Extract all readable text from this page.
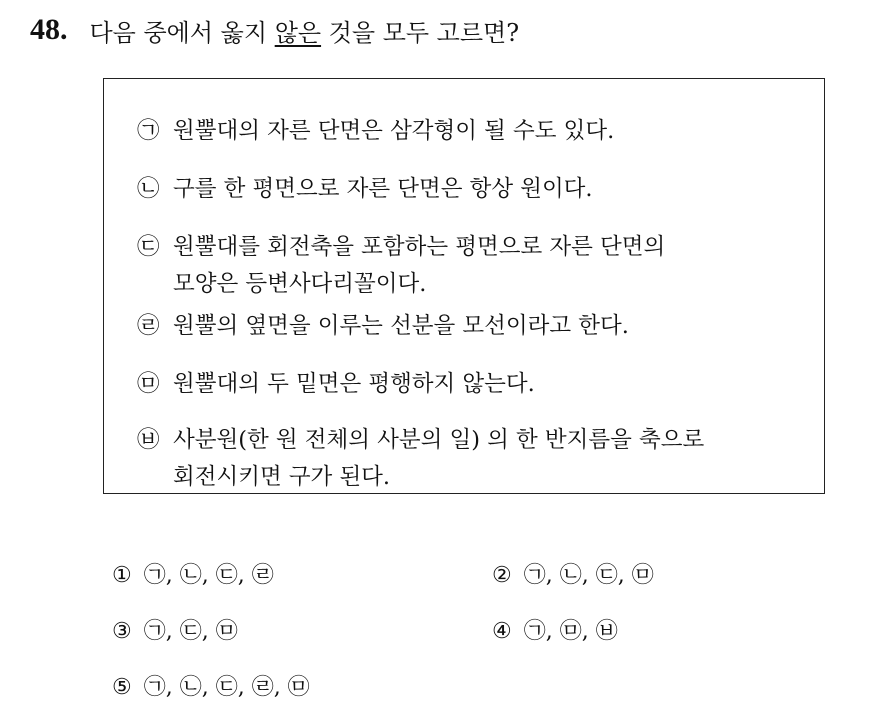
48. 다음 중에서 옳지 않은 것을 모두 고르면?
㉠ 원뿔대의 자른 단면은 삼각형이 될 수도 있다.
㉡ 구를 한 평면으로 자른 단면은 항상 원이다.
㉢ 원뿔대를 회전축을 포함하는 평면으로 자른 단면의
모양은 등변사다리꼴이다.
㉣ 원뿔의 옆면을 이루는 선분을 모선이라고 한다.
㉤ 원뿔대의 두 밑면은 평행하지 않는다.
㉥ 사분원(한 원 전체의 사분의 일) 의 한 반지름을 축으로
회전시키면 구가 된다.
① ㉠, ㉡, ㉢, ㉣	② ㉠, ㉡, ㉢, ㉤
③ ㉠, ㉢, ㉤	④ ㉠, ㉤, ㉥
⑤ ㉠, ㉡, ㉢, ㉣, ㉤
